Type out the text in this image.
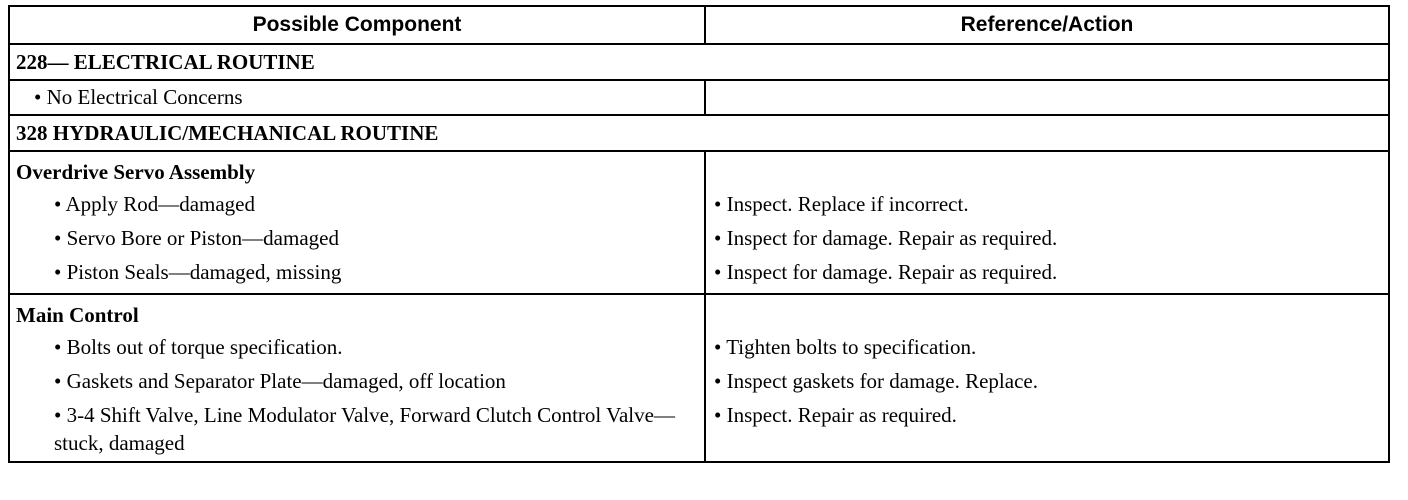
Possible Component	Reference/Action
228— ELECTRICAL ROUTINE
• No Electrical Concerns
328 HYDRAULIC/MECHANICAL ROUTINE
Overdrive Servo Assembly
• Apply Rod—damaged
• Servo Bore or Piston—damaged
• Piston Seals—damaged, missing
• Inspect. Replace if incorrect.
• Inspect for damage. Repair as required.
• Inspect for damage. Repair as required.
Main Control
• Bolts out of torque specification.
• Gaskets and Separator Plate—damaged, off location
• 3-4 Shift Valve, Line Modulator Valve, Forward Clutch Control Valve—stuck, damaged
• Tighten bolts to specification.
• Inspect gaskets for damage. Replace.
• Inspect. Repair as required.
